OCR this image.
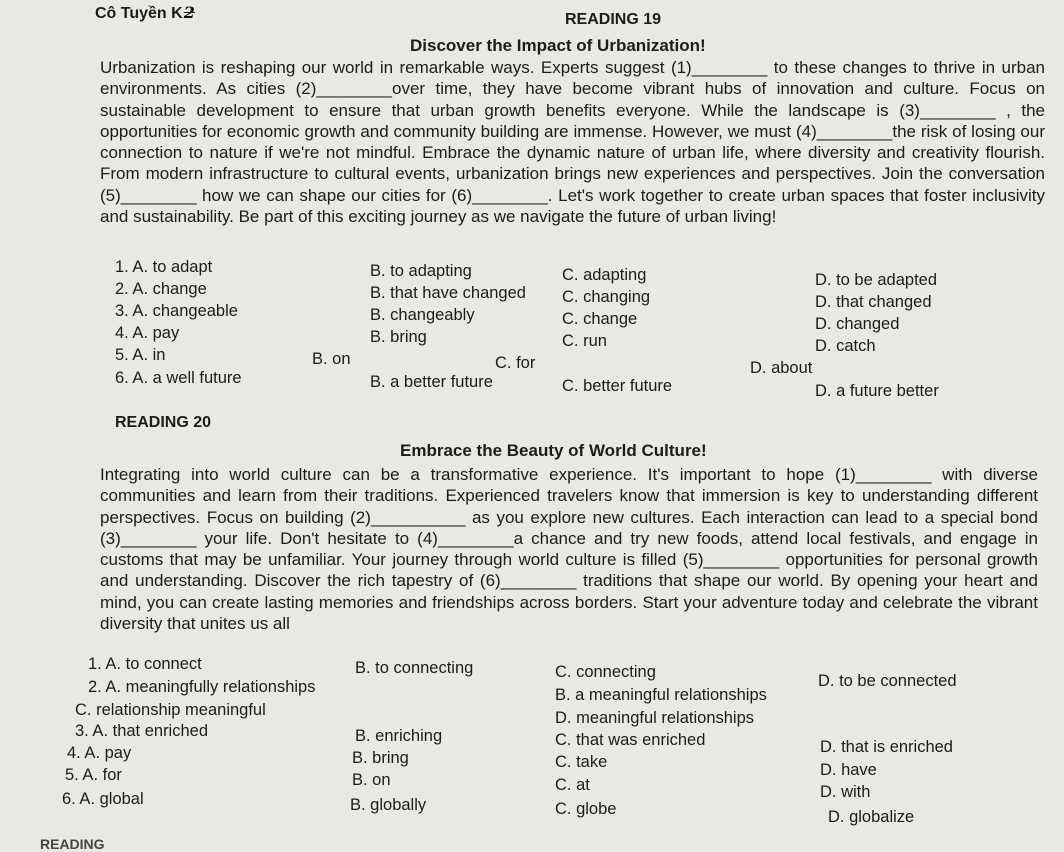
Cô Tuyền K2	READING 19
Discover the Impact of Urbanization!

Urbanization is reshaping our world in remarkable ways. Experts suggest (1)________ to these changes to thrive in urban environments. As cities (2)________over time, they have become vibrant hubs of innovation and culture. Focus on sustainable development to ensure that urban growth benefits everyone. While the landscape is (3)________ , the opportunities for economic growth and community building are immense. However, we must (4)________the risk of losing our connection to nature if we're not mindful. Embrace the dynamic nature of urban life, where diversity and creativity flourish. From modern infrastructure to cultural events, urbanization brings new experiences and perspectives. Join the conversation (5)________ how we can shape our cities for (6)________. Let's work together to create urban spaces that foster inclusivity and sustainability. Be part of this exciting journey as we navigate the future of urban living!

1. A. to adapt	B. to adapting	C. adapting	D. to be adapted
2. A. change	B. that have changed C. changing	D. that changed
3. A. changeable	B. changeably	C. change	D. changed
4. A. pay	B. bring	C. run	D. catch
5. A. in	B. on	C. for	D. about
6. A. a well future	B. a better future	C. better future	D. a future better
READING 20
Embrace the Beauty of World Culture!

Integrating into world culture can be a transformative experience. It's important to hope (1)________ with diverse communities and learn from their traditions. Experienced travelers know that immersion is key to understanding different perspectives. Focus on building (2)__________ as you explore new cultures. Each interaction can lead to a special bond (3)________ your life. Don't hesitate to (4)________a chance and try new foods, attend local festivals, and engage in customs that may be unfamiliar. Your journey through world culture is filled (5)________ opportunities for personal growth and understanding. Discover the rich tapestry of (6)________ traditions that shape our world. By opening your heart and mind, you can create lasting memories and friendships across borders. Start your adventure today and celebrate the vibrant diversity that unites us all

1. A. to connect	B. to connecting	C. connecting	D. to be connected
2. A. meaningfully relationships	B. a meaningful relationships
C. relationship meaningful	D. meaningful relationships
3. A. that enriched	B. enriching	C. that was enriched	D. that is enriched
4. A. pay	B. bring	C. take	D. have
5. A. for	B. on	C. at	D. with
6. A. global	B. globally	C. globe	D. globalize
READING
